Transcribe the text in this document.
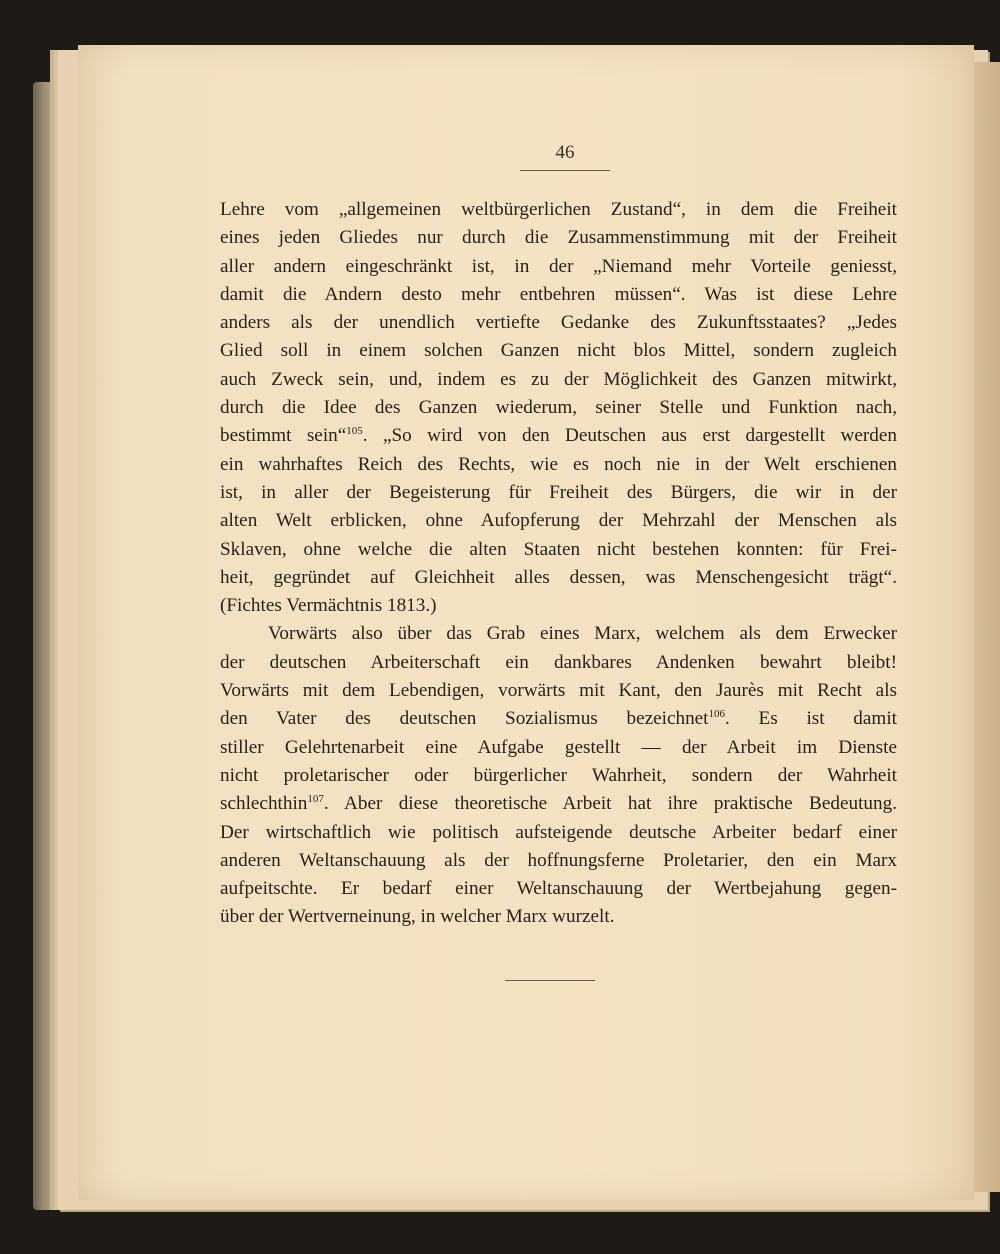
46
Lehre vom „allgemeinen weltbürgerlichen Zustand“, in dem die Freiheit
eines jeden Gliedes nur durch die Zusammenstimmung mit der Freiheit
aller andern eingeschränkt ist, in der „Niemand mehr Vorteile geniesst,
damit die Andern desto mehr entbehren müssen“. Was ist diese Lehre
anders als der unendlich vertiefte Gedanke des Zukunftsstaates? „Jedes
Glied soll in einem solchen Ganzen nicht blos Mittel, sondern zugleich
auch Zweck sein, und, indem es zu der Möglichkeit des Ganzen mitwirkt,
durch die Idee des Ganzen wiederum, seiner Stelle und Funktion nach,
bestimmt sein“$^{105}$. „So wird von den Deutschen aus erst dargestellt werden
ein wahrhaftes Reich des Rechts, wie es noch nie in der Welt erschienen
ist, in aller der Begeisterung für Freiheit des Bürgers, die wir in der
alten Welt erblicken, ohne Aufopferung der Mehrzahl der Menschen als
Sklaven, ohne welche die alten Staaten nicht bestehen konnten: für Frei-
heit, gegründet auf Gleichheit alles dessen, was Menschengesicht trägt“.
(Fichtes Vermächtnis 1813.)
Vorwärts also über das Grab eines Marx, welchem als dem Erwecker
der deutschen Arbeiterschaft ein dankbares Andenken bewahrt bleibt!
Vorwärts mit dem Lebendigen, vorwärts mit Kant, den Jaurès mit Recht als
den Vater des deutschen Sozialismus bezeichnet$^{106}$. Es ist damit
stiller Gelehrtenarbeit eine Aufgabe gestellt — der Arbeit im Dienste
nicht proletarischer oder bürgerlicher Wahrheit, sondern der Wahrheit
schlechthin$^{107}$. Aber diese theoretische Arbeit hat ihre praktische Bedeutung.
Der wirtschaftlich wie politisch aufsteigende deutsche Arbeiter bedarf einer
anderen Weltanschauung als der hoffnungsferne Proletarier, den ein Marx
aufpeitschte. Er bedarf einer Weltanschauung der Wertbejahung gegen-
über der Wertverneinung, in welcher Marx wurzelt.
